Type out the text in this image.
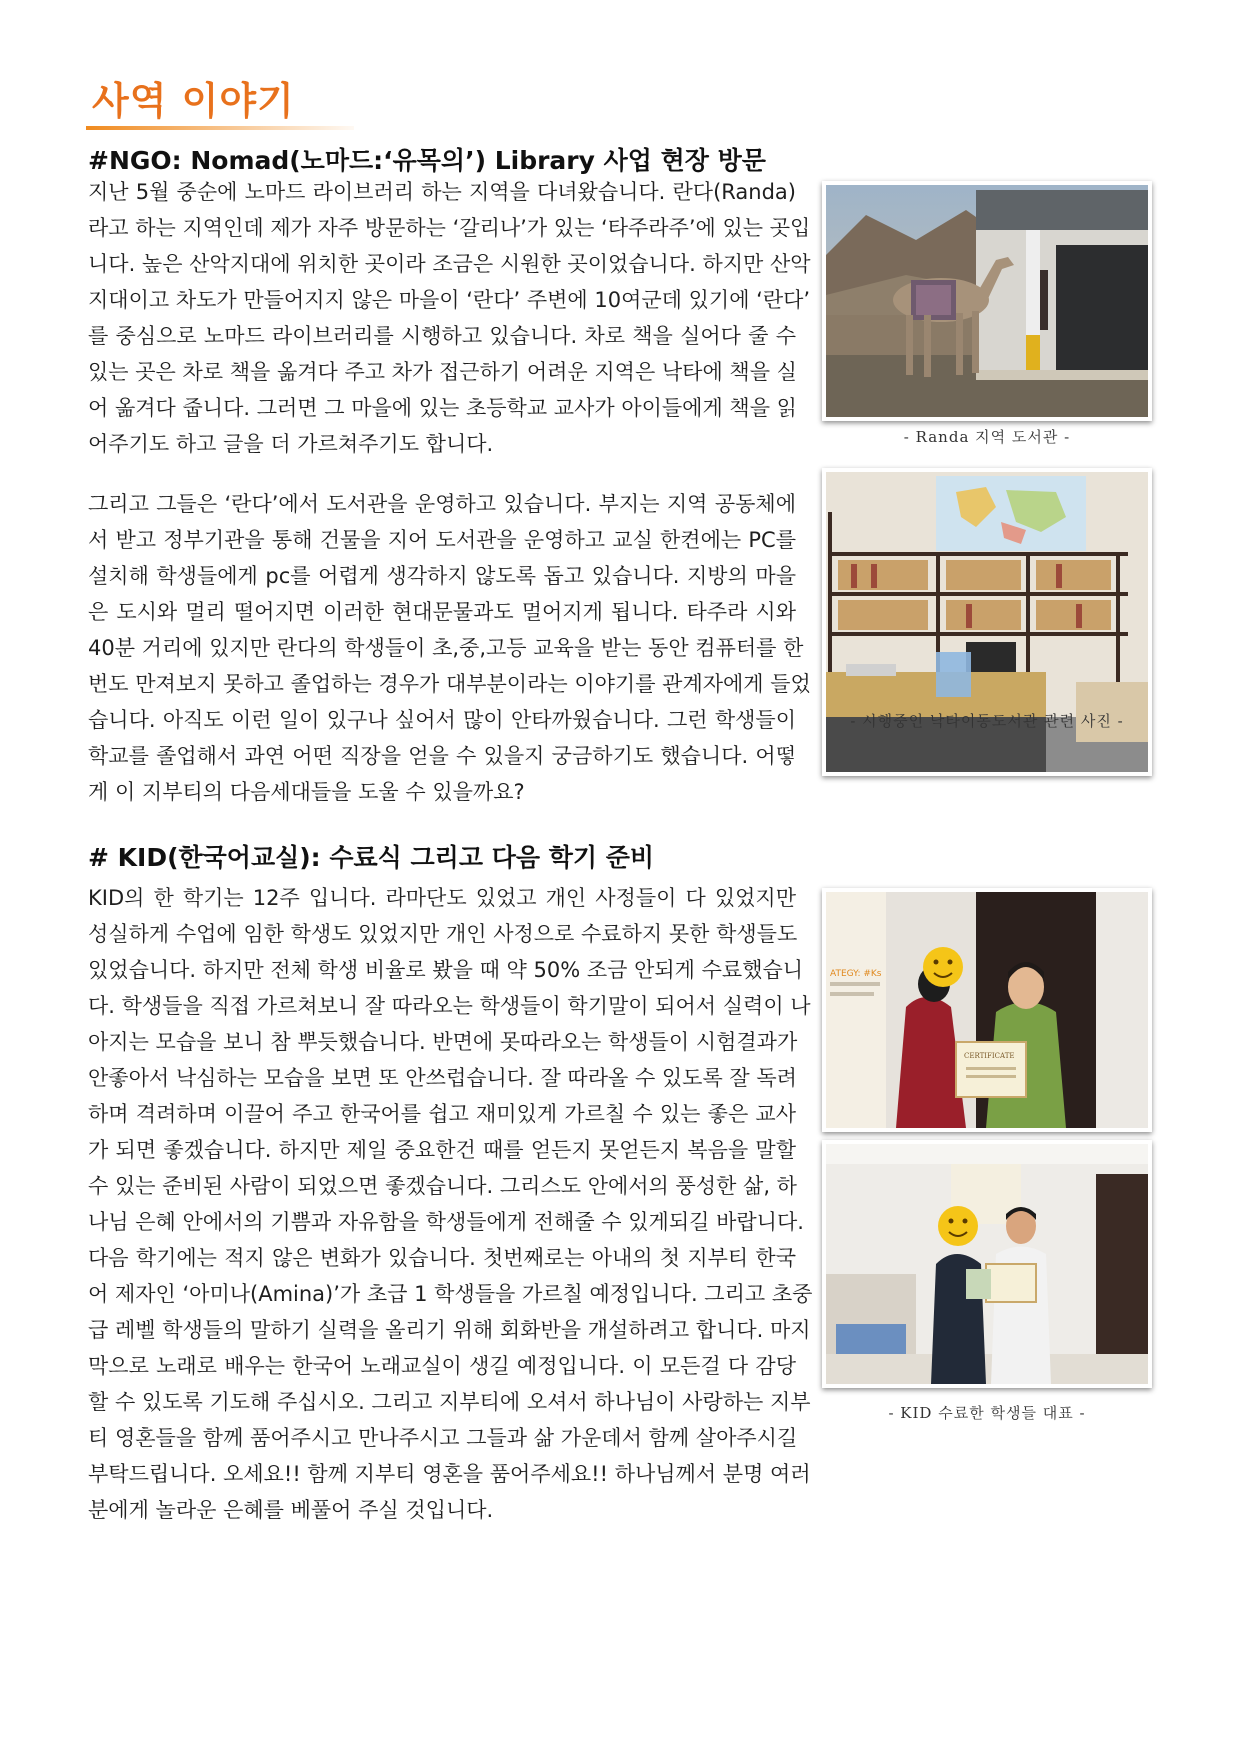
사역 이야기
#NGO: Nomad(노마드:‘유목의’) Library 사업 현장 방문
지난 5월 중순에 노마드 라이브러리 하는 지역을 다녀왔습니다. 란다(Randa)
라고 하는 지역인데 제가 자주 방문하는 ‘갈리나’가 있는 ‘타주라주’에 있는 곳입
니다. 높은 산악지대에 위치한 곳이라 조금은 시원한 곳이었습니다. 하지만 산악
지대이고 차도가 만들어지지 않은 마을이 ‘란다’ 주변에 10여군데 있기에 ‘란다’
를 중심으로 노마드 라이브러리를 시행하고 있습니다. 차로 책을 실어다 줄 수
있는 곳은 차로 책을 옮겨다 주고 차가 접근하기 어려운 지역은 낙타에 책을 실
어 옮겨다 줍니다. 그러면 그 마을에 있는 초등학교 교사가 아이들에게 책을 읽
어주기도 하고 글을 더 가르쳐주기도 합니다.
그리고 그들은 ‘란다’에서 도서관을 운영하고 있습니다. 부지는 지역 공동체에
서 받고 정부기관을 통해 건물을 지어 도서관을 운영하고 교실 한켠에는 PC를
설치해 학생들에게 pc를 어렵게 생각하지 않도록 돕고 있습니다. 지방의 마을
은 도시와 멀리 떨어지면 이러한 현대문물과도 멀어지게 됩니다. 타주라 시와
40분 거리에 있지만 란다의 학생들이 초,중,고등 교육을 받는 동안 컴퓨터를 한
번도 만져보지 못하고 졸업하는 경우가 대부분이라는 이야기를 관계자에게 들었
습니다. 아직도 이런 일이 있구나 싶어서 많이 안타까웠습니다. 그런 학생들이
학교를 졸업해서 과연 어떤 직장을 얻을 수 있을지 궁금하기도 했습니다. 어떻
게 이 지부티의 다음세대들을 도울 수 있을까요?
# KID(한국어교실): 수료식 그리고 다음 학기 준비
KID의 한 학기는 12주 입니다. 라마단도 있었고 개인 사정들이 다 있었지만
성실하게 수업에 임한 학생도 있었지만 개인 사정으로 수료하지 못한 학생들도
있었습니다. 하지만 전체 학생 비율로 봤을 때 약 50% 조금 안되게 수료했습니
다. 학생들을 직접 가르쳐보니 잘 따라오는 학생들이 학기말이 되어서 실력이 나
아지는 모습을 보니 참 뿌듯했습니다. 반면에 못따라오는 학생들이 시험결과가
안좋아서 낙심하는 모습을 보면 또 안쓰럽습니다. 잘 따라올 수 있도록 잘 독려
하며 격려하며 이끌어 주고 한국어를 쉽고 재미있게 가르칠 수 있는 좋은 교사
가 되면 좋겠습니다. 하지만 제일 중요한건 때를 얻든지 못얻든지 복음을 말할
수 있는 준비된 사람이 되었으면 좋겠습니다. 그리스도 안에서의 풍성한 삶, 하
나님 은혜 안에서의 기쁨과 자유함을 학생들에게 전해줄 수 있게되길 바랍니다.
다음 학기에는 적지 않은 변화가 있습니다. 첫번째로는 아내의 첫 지부티 한국
어 제자인 ‘아미나(Amina)’가 초급 1 학생들을 가르칠 예정입니다. 그리고 초중
급 레벨 학생들의 말하기 실력을 올리기 위해 회화반을 개설하려고 합니다. 마지
막으로 노래로 배우는 한국어 노래교실이 생길 예정입니다. 이 모든걸 다 감당
할 수 있도록 기도해 주십시오. 그리고 지부티에 오셔서 하나님이 사랑하는 지부
티 영혼들을 함께 품어주시고 만나주시고 그들과 삶 가운데서 함께 살아주시길
부탁드립니다. 오세요!! 함께 지부티 영혼을 품어주세요!! 하나님께서 분명 여러
분에게 놀라운 은혜를 베풀어 주실 것입니다.
- Randa 지역 도서관 -
- 시행중인 낙타이동도서관 관련 사진 -
ATEGY: #Ks
CERTIFICATE
- KID 수료한 학생들 대표 -
